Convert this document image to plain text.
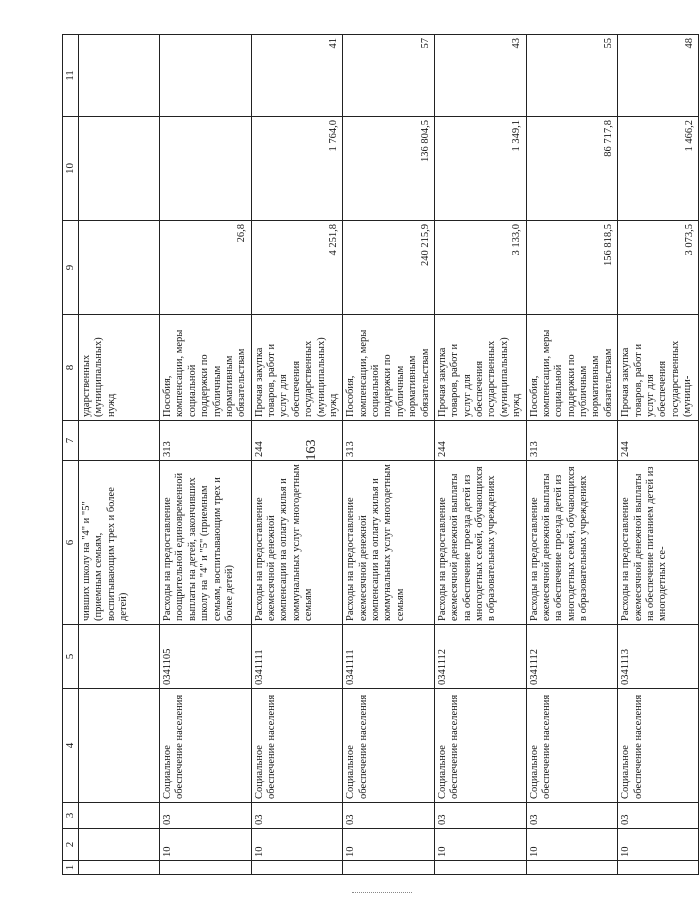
163
1	2	3	4	5	6	7	8	9	10	11
					чивших школу на "4" и "5" (приемным семьям, воспитывающим трех и более детей)		ударственных (муниципальных) нужд			
	10	03	Социальное обеспечение населения	0341105	Расходы на предоставление поощрительной единовременной выплаты на детей, закончивших школу на "4" и "5" (приемным семьям, воспитывающим трех и более детей)	313	Пособия, компенсации, меры социальной поддержки по публичным нормативным обязательствам	26,8		
	10	03	Социальное обеспечение населения	0341111	Расходы на предоставление ежемесячной денежной компенсации на оплату жилья и коммунальных услуг многодетным семьям	244	Прочая закупка товаров, работ и услуг для обеспечения государственных (муниципальных) нужд	4 251,8	1 764,0	41
	10	03	Социальное обеспечение населения	0341111	Расходы на предоставление ежемесячной денежной компенсации на оплату жилья и коммунальных услуг многодетным семьям	313	Пособия, компенсации, меры социальной поддержки по публичным нормативным обязательствам	240 215,9	136 804,5	57
	10	03	Социальное обеспечение населения	0341112	Расходы на предоставление ежемесячной денежной выплаты на обеспечение проезда детей из многодетных семей, обучающихся в образовательных учреждениях	244	Прочая закупка товаров, работ и услуг для обеспечения государственных (муниципальных) нужд	3 133,0	1 349,1	43
	10	03	Социальное обеспечение населения	0341112	Расходы на предоставление ежемесячной денежной выплаты на обеспечение проезда детей из многодетных семей, обучающихся в образовательных учреждениях	313	Пособия, компенсации, меры социальной поддержки по публичным нормативным обязательствам	156 818,5	86 717,8	55
	10	03	Социальное обеспечение населения	0341113	Расходы на предоставление ежемесячной денежной выплаты на обеспечение питанием детей из многодетных се-	244	Прочая закупка товаров, работ и услуг для обеспечения государственных (муници-	3 073,5	1 466,2	48
